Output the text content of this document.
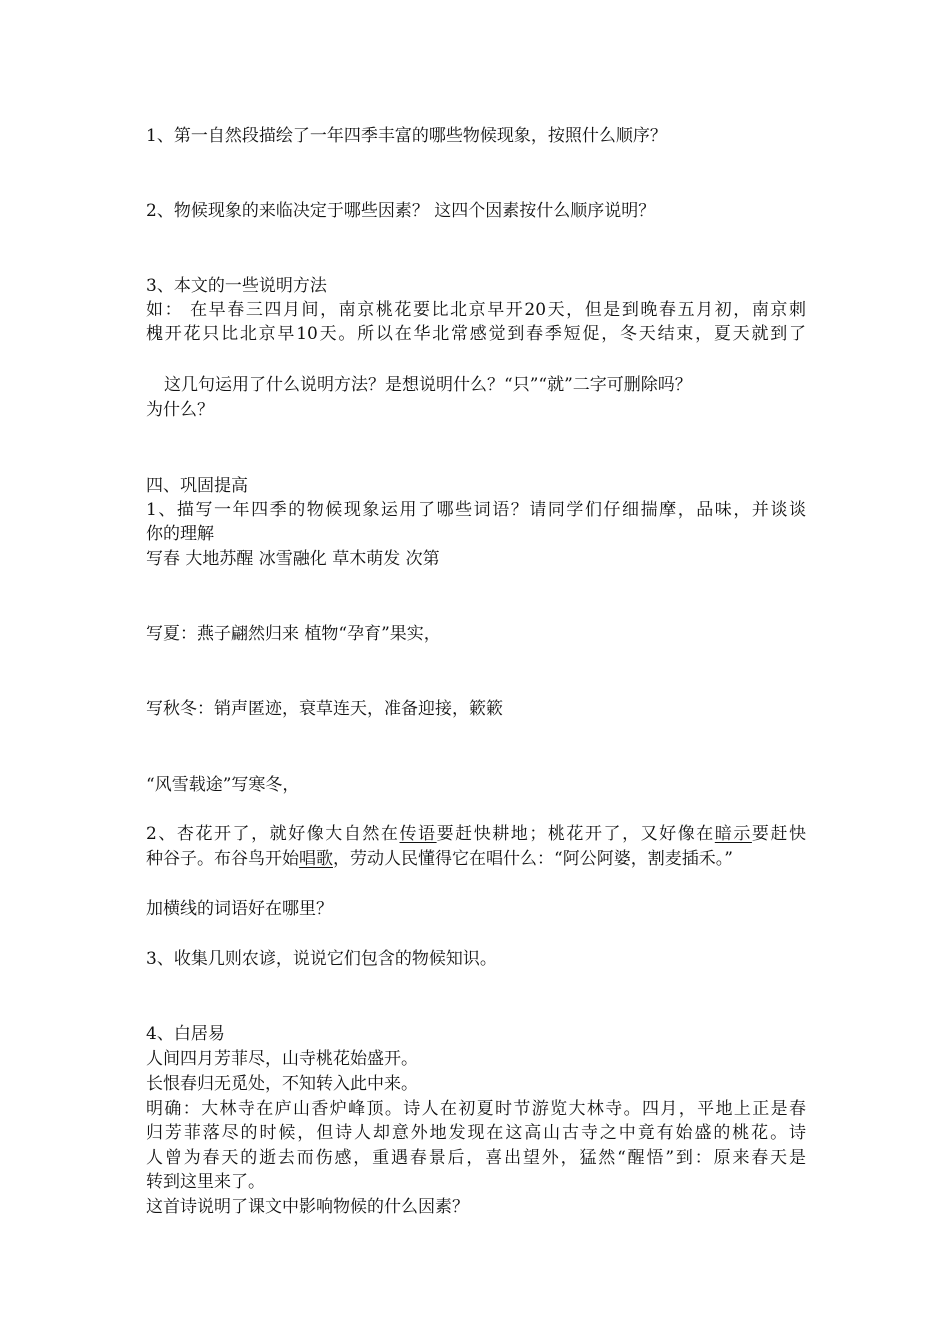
1、第一自然段描绘了一年四季丰富的哪些物候现象，按照什么顺序？
2、物候现象的来临决定于哪些因素？ 这四个因素按什么顺序说明？
3、本文的一些说明方法
如： 在早春三四月间，南京桃花要比北京早开20天，但是到晚春五月初，南京刺
槐开花只比北京早10天。所以在华北常感觉到春季短促，冬天结束，夏天就到了
这几句运用了什么说明方法？是想说明什么？“只”“就”二字可删除吗？
为什么？
四、巩固提高
1、描写一年四季的物候现象运用了哪些词语？请同学们仔细揣摩，品味，并谈谈
你的理解
写春 大地苏醒 冰雪融化 草木萌发 次第
写夏：燕子翩然归来 植物“孕育”果实，
写秋冬：销声匿迹，衰草连天，准备迎接，簌簌
“风雪载途”写寒冬，
2、杏花开了，就好像大自然在传语要赶快耕地；桃花开了，又好像在暗示要赶快
种谷子。布谷鸟开始唱歌，劳动人民懂得它在唱什么：“阿公阿婆，割麦插禾。”
加横线的词语好在哪里？
3、收集几则农谚，说说它们包含的物候知识。
4、白居易
人间四月芳菲尽，山寺桃花始盛开。
长恨春归无觅处，不知转入此中来。
明确：大林寺在庐山香炉峰顶。诗人在初夏时节游览大林寺。四月，平地上正是春
归芳菲落尽的时候，但诗人却意外地发现在这高山古寺之中竟有始盛的桃花。诗
人曾为春天的逝去而伤感，重遇春景后，喜出望外，猛然“醒悟”到：原来春天是
转到这里来了。
这首诗说明了课文中影响物候的什么因素？
